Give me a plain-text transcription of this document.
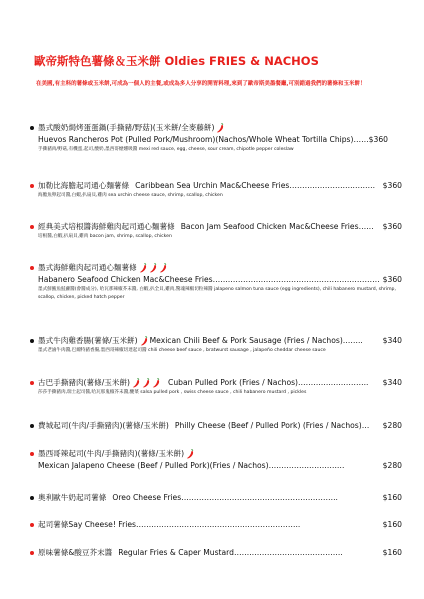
歐帝斯特色薯條＆玉米餅 Oldies FRIES & NACHOS
在美國,有主料的薯條或玉米餅,可成為一個人的主餐,或成為多人分享的開胃料理,來到了歐帝斯美墨餐廳,可別錯過我們的薯條和玉米餅！
墨式酸奶焗烤蛋蛋鍋(手撕豬/野菇)(玉米餅/全麥藤餅)
Huevos Rancheros Pot (Pulled Pork/Mushroom)(Nachos/Whole Wheat Tortilla Chips) …… $360
手撕豬肉/野菇,有機蛋,起司,酸奶,墨西哥煙燻吸醬 mexi red sauce, egg, cheese, sour cream, chipotle pepper coleslaw
加勒比海膽起司通心麵薯條 Caribbean Sea Urchin Mac&Cheese Fries ……………………..…….. $360
海膽魚卵起司醬,白蝦,扒扇貝,雞肉 sea urchin cheese sauce, shrimp, scallop, chicken
經典美式培根醬海鮮雞肉起司通心麵薯條 Bacon Jam Seafood Chicken Mac&Cheese Fries …… $360
培根醬,白蝦,扒扇貝,雞肉 bacon jam, shrimp, scallop, chicken
墨式海鮮雞肉起司通心麵薯條
Habanero Seafood Chicken Mac&Cheese Fries ………………………………………………………… $360
墨式鮮鮪魚鮭蘿醬(會醬成分), 哈瓦那辣椒芥末醬, 白蝦,扒全貝,雞肉,驚魂辣椒切粒辣醬 jalapeno salmon tuna sauce (egg ingredients), chili habanero mustard, shrimp, scallop, chicken, picked hatch pepper
墨式牛肉雞香腸(薯條/玉米餅) Mexican Chili Beef & Pork Sausage (Fries / Nachos) ……..	$340
墨式老滷牛肉醬,巴爾特豬香腸,墨西哥辣椒切達起司醬 chili cheese beef sauce , bratwurst sausage , jalapeño cheddar cheese sauce
古巴手撕豬肉(薯條/玉米餅)	Cuban Pulled Pork (Fries / Nachos) …………..………….. $340
莎莎手撕豬肉,瑞士起司醬,哈瓦那鬼椒芥末醬,醃菜 salsa pulled pork , swiss cheese sauce , chili habanero mustard , pickles
費城起司(牛肉/手撕豬肉)(薯條/玉米餅) Philly Cheese (Beef / Pulled Pork) (Fries / Nachos) … $280
墨西哥辣起司(牛肉/手撕豬肉)(薯條/玉米餅)
Mexican Jalapeno Cheese (Beef / Pulled Pork)(Fries / Nachos) …………………………	$280
奧利歐牛奶起司薯條 Oreo Cheese Fries ……………………………………………………..	$160
起司薯條 Say Cheese! Fries ………………………………………………………..	$160
原味薯條&酸豆芥末醬 Regular Fries & Caper Mustard …………………………………….	$160
